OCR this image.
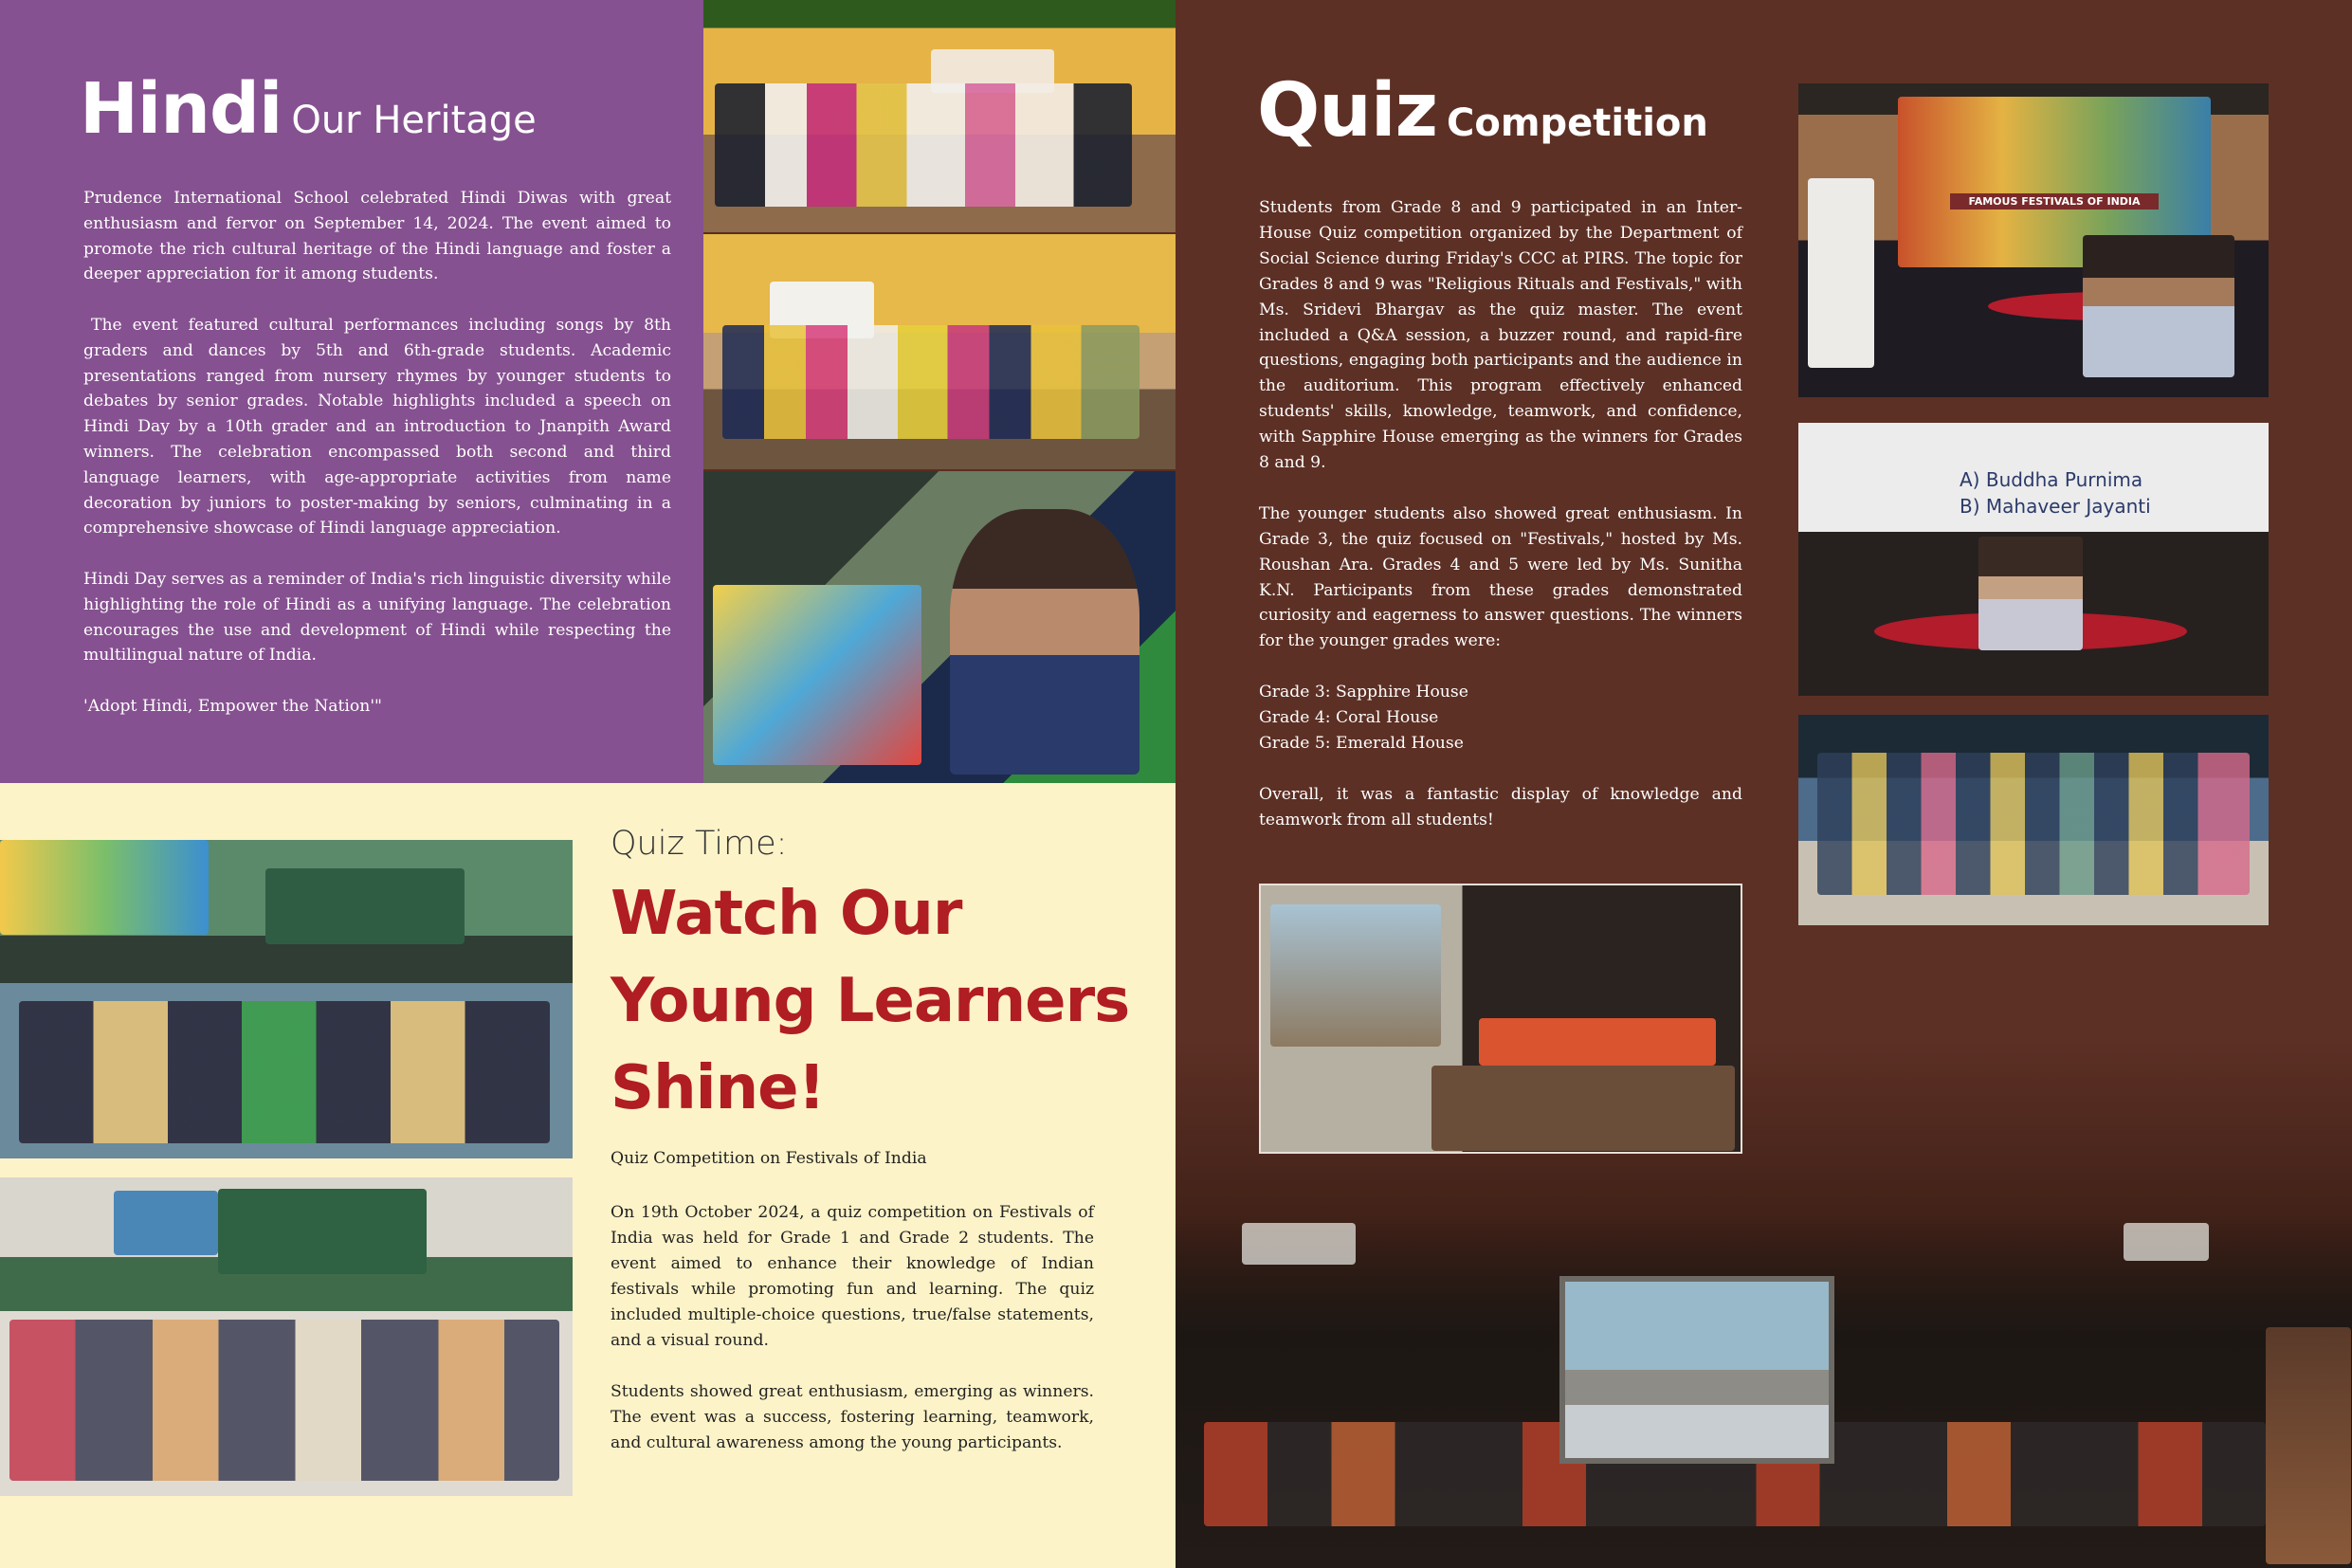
Hindi Our Heritage

Prudence International School celebrated Hindi Diwas with great enthusiasm and fervor on September 14, 2024. The event aimed to promote the rich cultural heritage of the Hindi language and foster a deeper appreciation for it among students.

The event featured cultural performances including songs by 8th graders and dances by 5th and 6th-grade students. Academic presentations ranged from nursery rhymes by younger students to debates by senior grades. Notable highlights included a speech on Hindi Day by a 10th grader and an introduction to Jnanpith Award winners. The celebration encompassed both second and third language learners, with age-appropriate activities from name decoration by juniors to poster-making by seniors, culminating in a comprehensive showcase of Hindi language appreciation.

Hindi Day serves as a reminder of India's rich linguistic diversity while highlighting the role of Hindi as a unifying language. The celebration encourages the use and development of Hindi while respecting the multilingual nature of India.

'Adopt Hindi, Empower the Nation'"

Quiz Time:
Watch Our
Young Learners
Shine!
Quiz Competition on Festivals of India

On 19th October 2024, a quiz competition on Festivals of India was held for Grade 1 and Grade 2 students. The event aimed to enhance their knowledge of Indian festivals while promoting fun and learning. The quiz included multiple-choice questions, true/false statements, and a visual round.

Students showed great enthusiasm, emerging as winners. The event was a success, fostering learning, teamwork, and cultural awareness among the young participants.

Quiz Competition

Students from Grade 8 and 9 participated in an Inter-House Quiz competition organized by the Department of Social Science during Friday's CCC at PIRS. The topic for Grades 8 and 9 was "Religious Rituals and Festivals," with Ms. Sridevi Bhargav as the quiz master. The event included a Q&A session, a buzzer round, and rapid-fire questions, engaging both participants and the audience in the auditorium. This program effectively enhanced students' skills, knowledge, teamwork, and confidence, with Sapphire House emerging as the winners for Grades 8 and 9.

The younger students also showed great enthusiasm. In Grade 3, the quiz focused on "Festivals," hosted by Ms. Roushan Ara. Grades 4 and 5 were led by Ms. Sunitha K.N. Participants from these grades demonstrated curiosity and eagerness to answer questions. The winners for the younger grades were:

Grade 3: Sapphire House
Grade 4: Coral House
Grade 5: Emerald House

Overall, it was a fantastic display of knowledge and teamwork from all students!

FAMOUS FESTIVALS OF INDIA
A) Buddha Purnima
B) Mahaveer Jayanti
